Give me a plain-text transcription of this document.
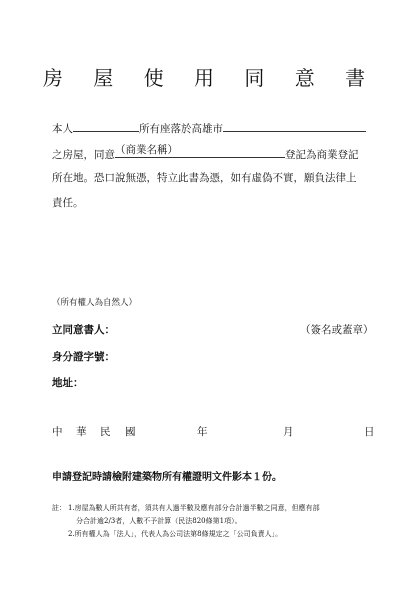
房 屋 使 用 同 意 書
本人	所有座落於高雄市
之房屋，同意 （商業名稱）	登記為商業登記
所在地。恐口說無憑，特立此書為憑，如有虛偽不實，願負法律上
責任。
（所有權人為自然人）
立同意書人：	（簽名或蓋章）
身分證字號：
地址：
中 華 民 國	年	月	日
申請登記時請檢附建築物所有權證明文件影本１份。
註： 1.房屋為數人所共有者，須共有人過半數及應有部分合計過半數之同意，但應有部
分合計逾2/3者，人數不予計算（民法820條第1項）。
2.所有權人為「法人」，代表人為公司法第8條規定之「公司負責人」。
